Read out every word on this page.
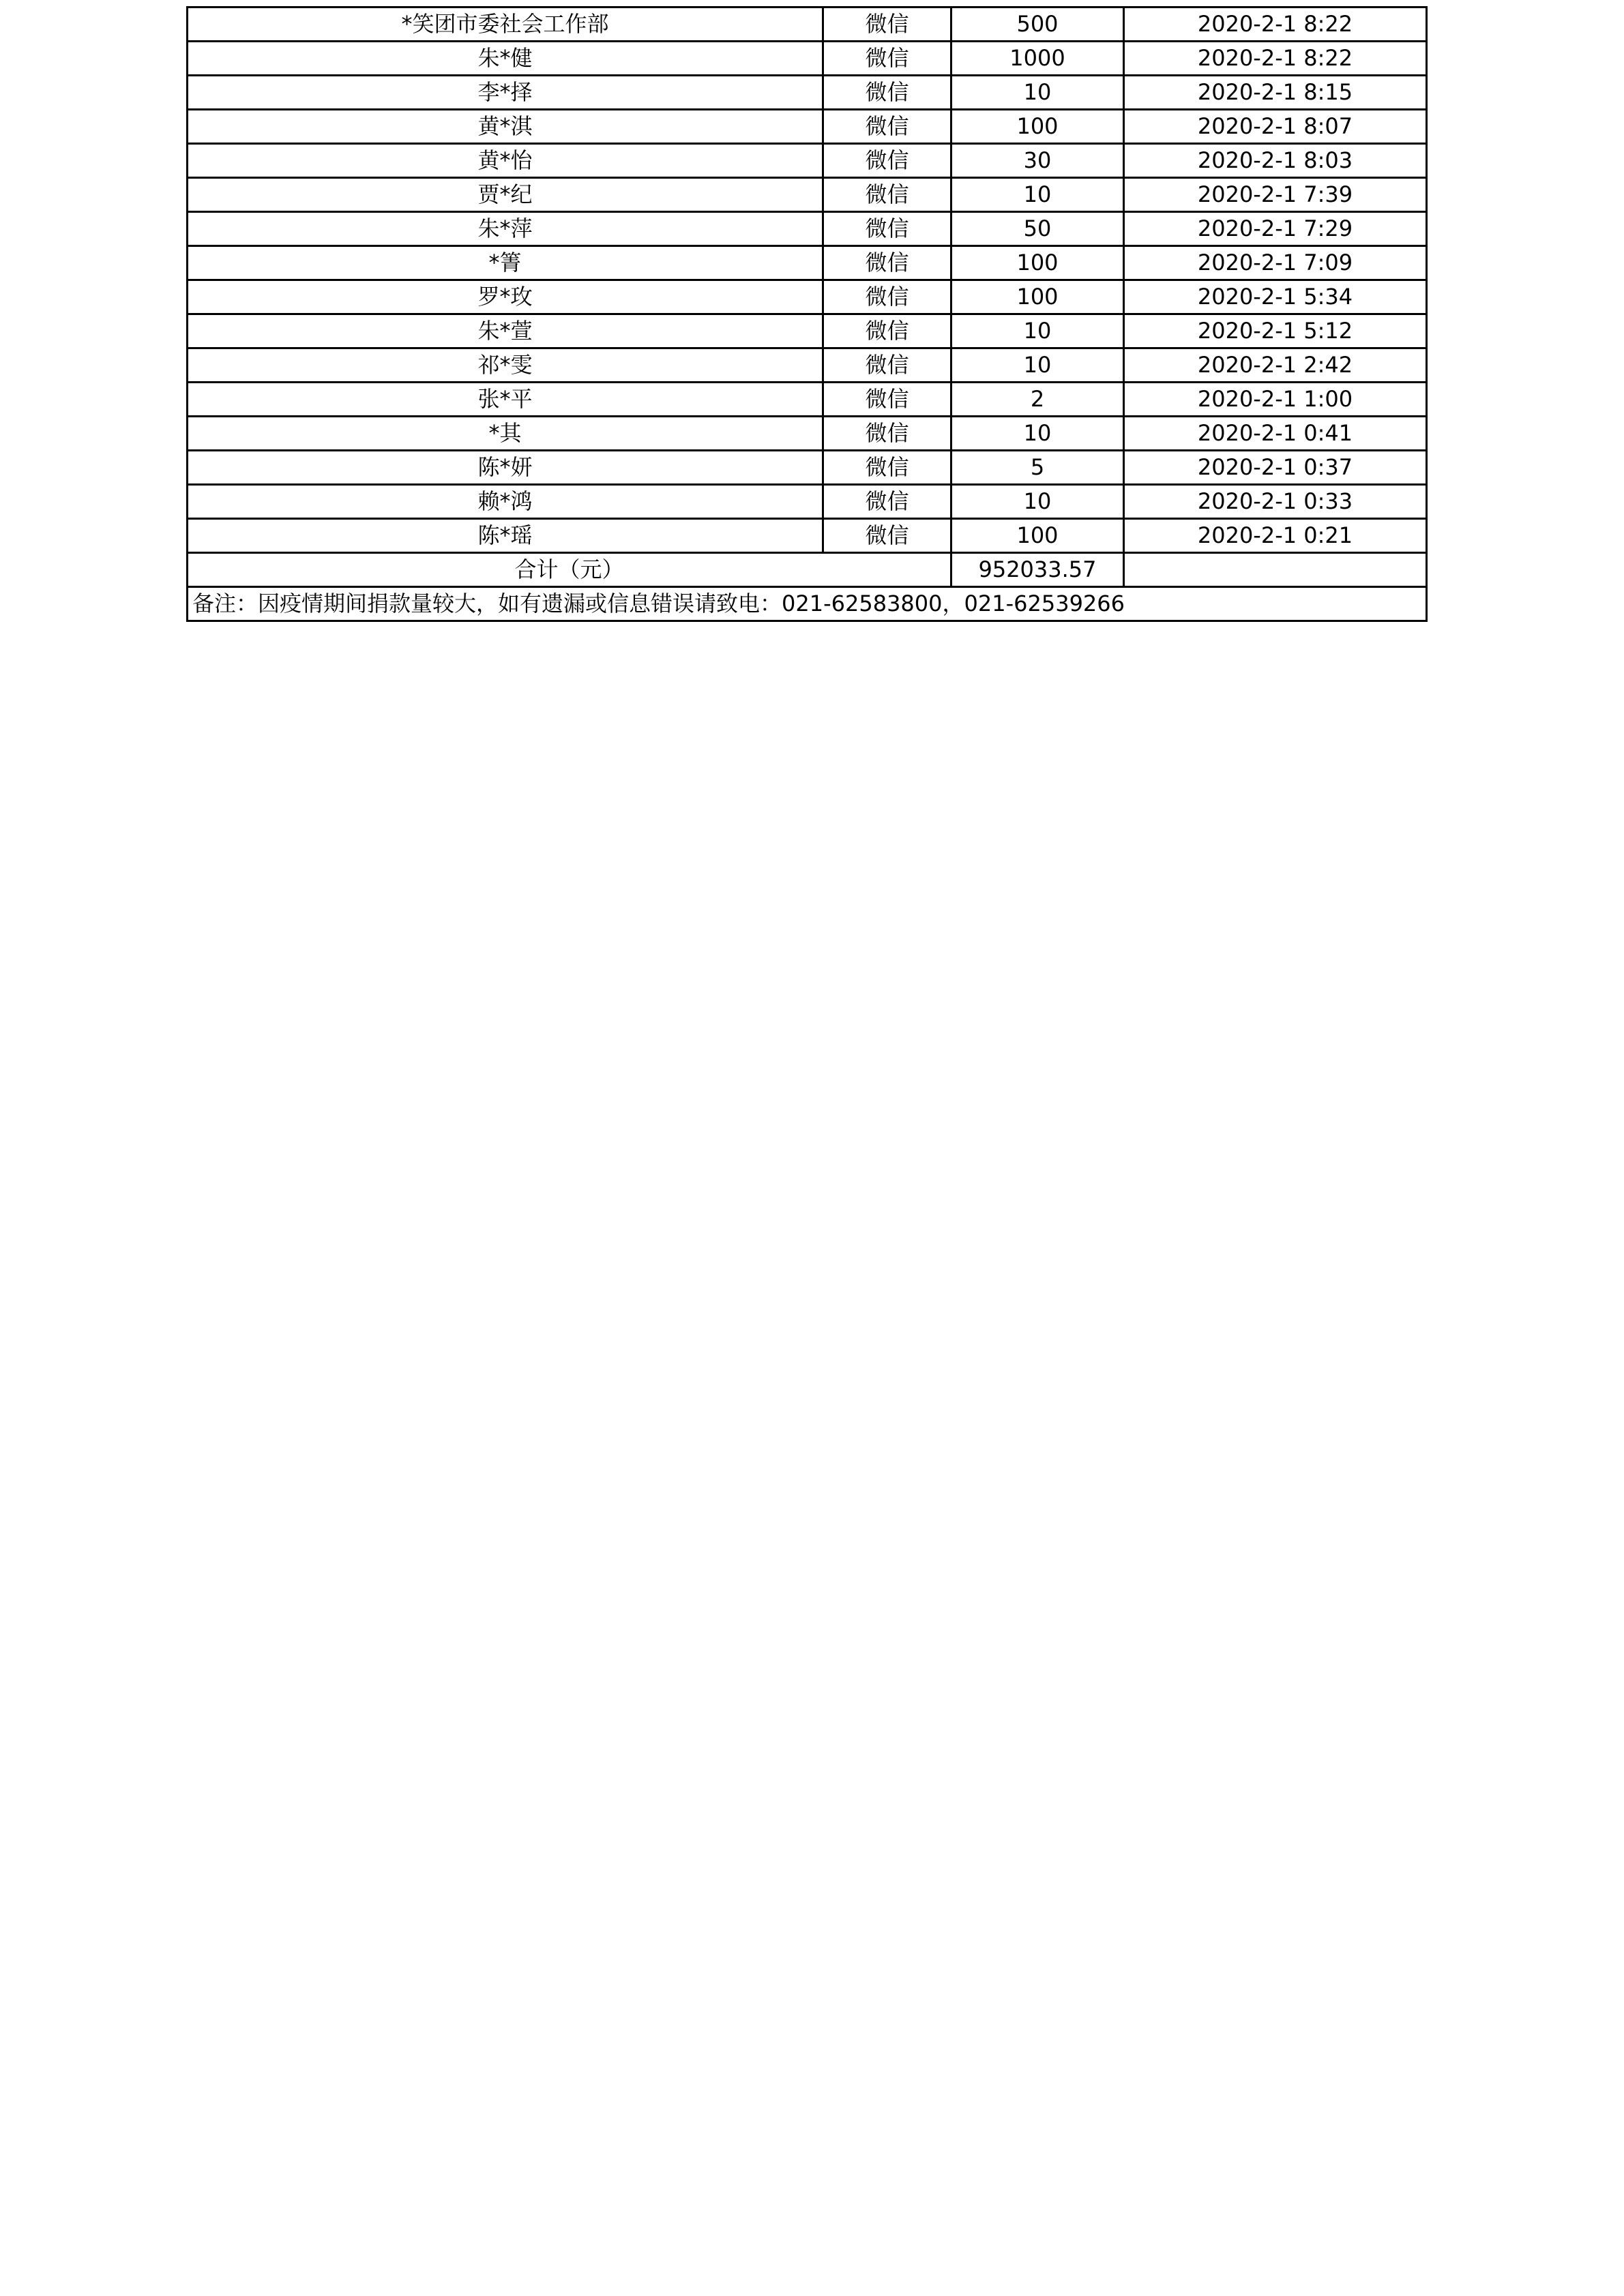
*笑团市委社会工作部	微信	500	2020-2-1 8:22
朱*健	微信	1000	2020-2-1 8:22
李*择	微信	10	2020-2-1 8:15
黄*淇	微信	100	2020-2-1 8:07
黄*怡	微信	30	2020-2-1 8:03
贾*纪	微信	10	2020-2-1 7:39
朱*萍	微信	50	2020-2-1 7:29
*箐	微信	100	2020-2-1 7:09
罗*玫	微信	100	2020-2-1 5:34
朱*萱	微信	10	2020-2-1 5:12
祁*雯	微信	10	2020-2-1 2:42
张*平	微信	2	2020-2-1 1:00
*其	微信	10	2020-2-1 0:41
陈*妍	微信	5	2020-2-1 0:37
赖*鸿	微信	10	2020-2-1 0:33
陈*瑶	微信	100	2020-2-1 0:21
合计（元）		952033.57	
备注：因疫情期间捐款量较大，如有遗漏或信息错误请致电：021-62583800，021-62539266			
